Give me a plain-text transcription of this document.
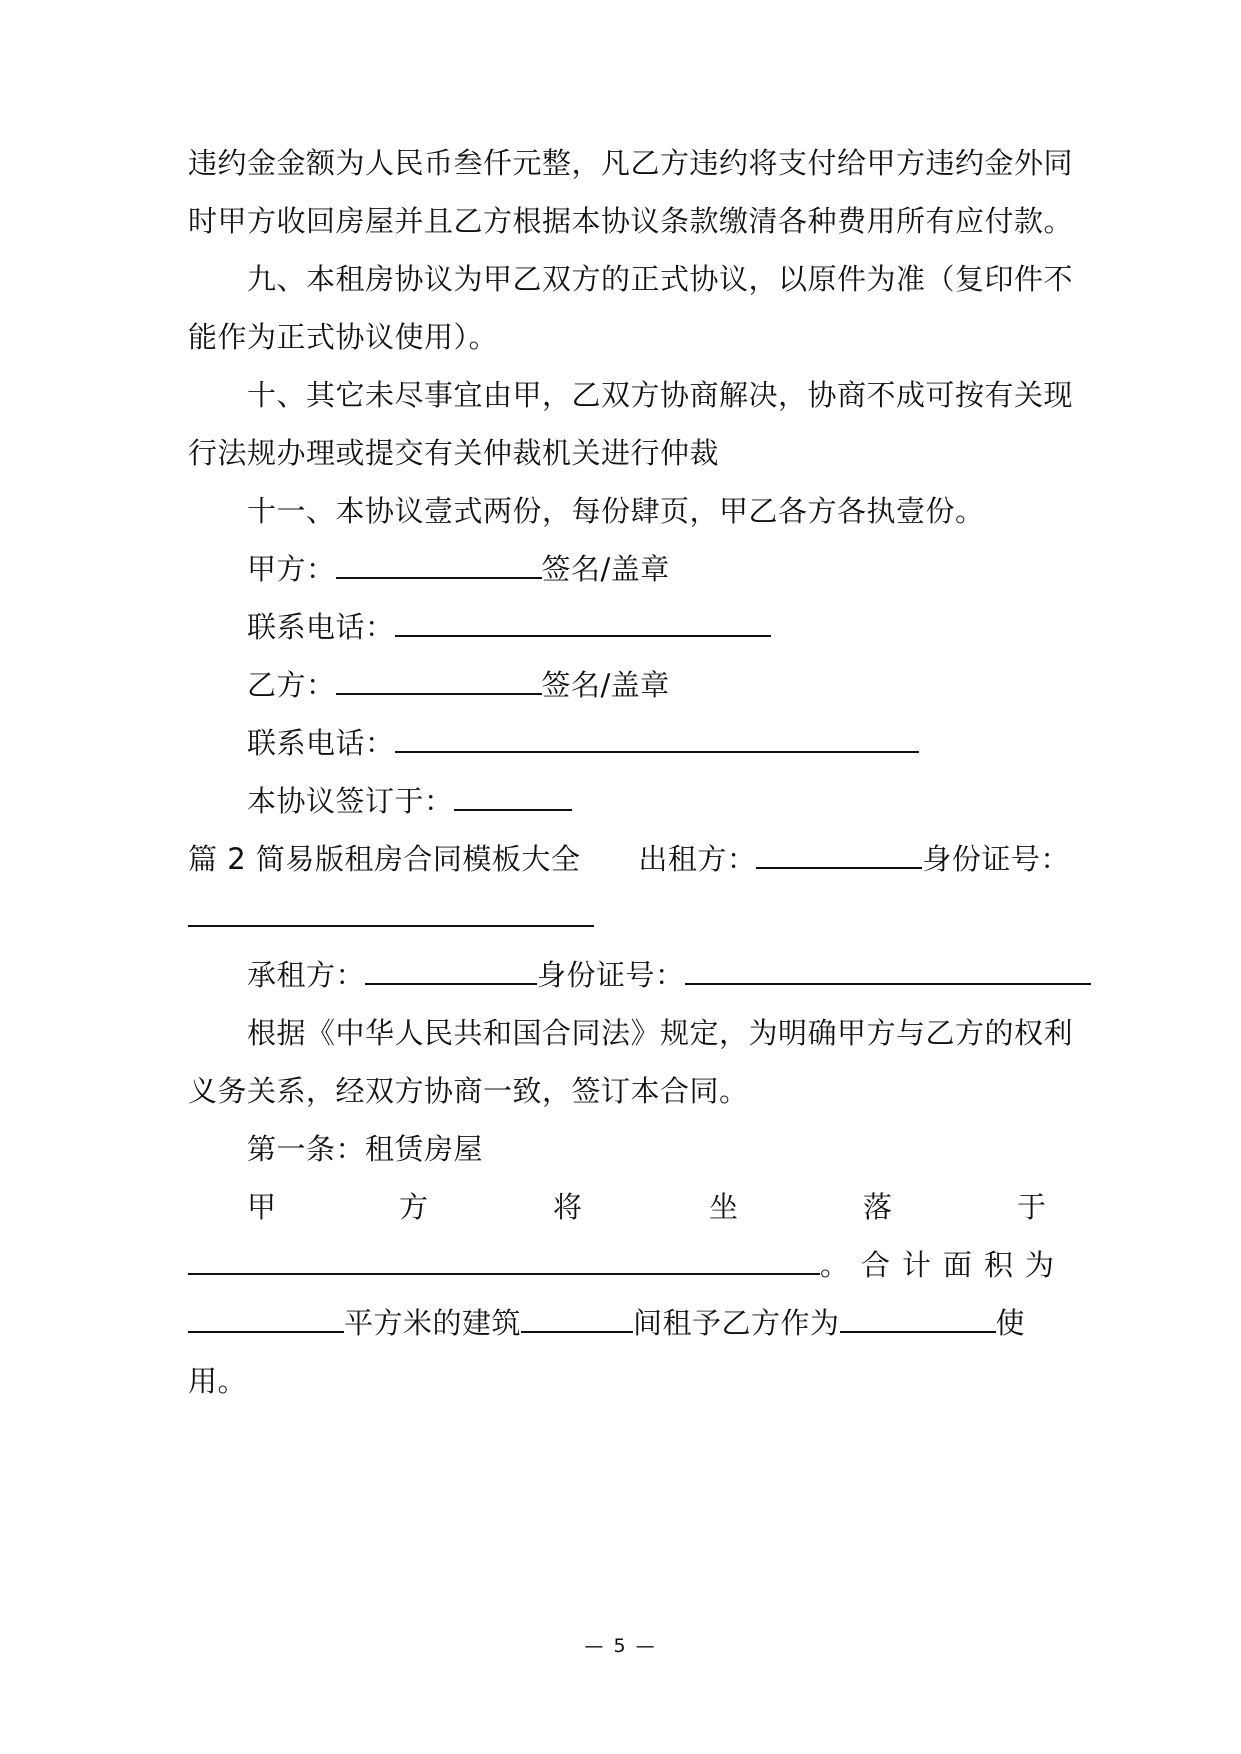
违约金金额为人民币叁仟元整，凡乙方违约将支付给甲方违约金外同
时甲方收回房屋并且乙方根据本协议条款缴清各种费用所有应付款。
九、本租房协议为甲乙双方的正式协议，以原件为准（复印件不
能作为正式协议使用）。
十、其它未尽事宜由甲，乙双方协商解决，协商不成可按有关现
行法规办理或提交有关仲裁机关进行仲裁
十一、本协议壹式两份，每份肆页，甲乙各方各执壹份。
甲方：	签名/盖章
联系电话：
乙方：	签名/盖章
联系电话：
本协议签订于：
篇 2 简易版租房合同模板大全 出租方：	身份证号：
承租方：	身份证号：
根据《中华人民共和国合同法》规定，为明确甲方与乙方的权利
义务关系，经双方协商一致，签订本合同。
第一条：租赁房屋
甲	方	将	坐	落	于
。合计面积为
平方米的建筑	间租予乙方作为	使
用。
— 5 —
